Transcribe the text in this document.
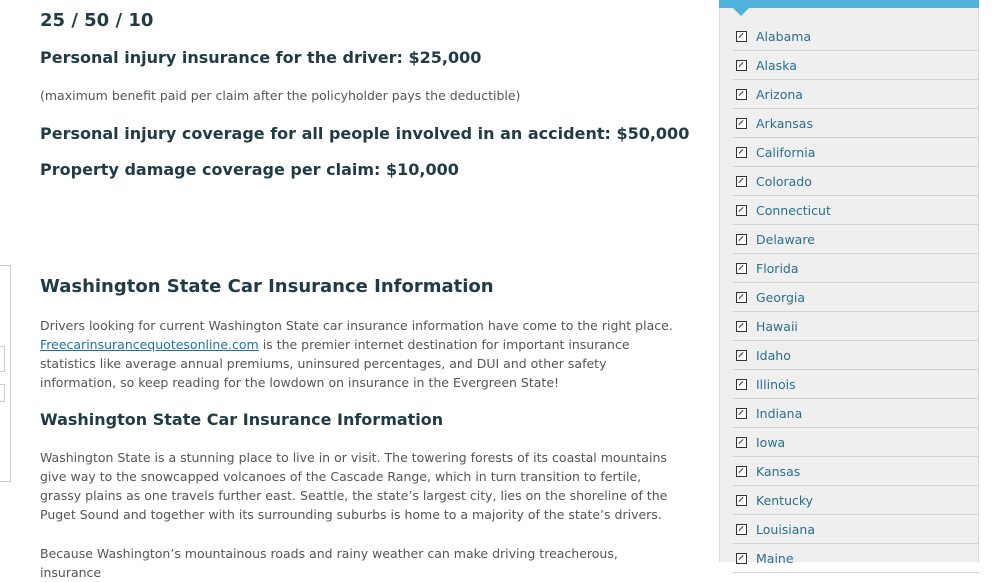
25 / 50 / 10
Personal injury insurance for the driver: $25,000

(maximum benefit paid per claim after the policyholder pays the deductible)

Personal injury coverage for all people involved in an accident: $50,000
Property damage coverage per claim: $10,000
Washington State Car Insurance Information

Drivers looking for current Washington State car insurance information have come to the right place.
Freecarinsurancequotesonline.com is the premier internet destination for important insurance statistics like average annual premiums, uninsured percentages, and DUI and other safety information, so keep reading for the lowdown on insurance in the Evergreen State!

Washington State Car Insurance Information

Washington State is a stunning place to live in or visit. The towering forests of its coastal mountains give way to the snowcapped volcanoes of the Cascade Range, which in turn transition to fertile, grassy plains as one travels further east. Seattle, the state’s largest city, lies on the shoreline of the Puget Sound and together with its surrounding suburbs is home to a majority of the state’s drivers.

Because Washington’s mountainous roads and rainy weather can make driving treacherous, insurance

Alabama
Alaska
Arizona
Arkansas
California
Colorado
Connecticut
Delaware
Florida
Georgia
Hawaii
Idaho
Illinois
Indiana
Iowa
Kansas
Kentucky
Louisiana
Maine
